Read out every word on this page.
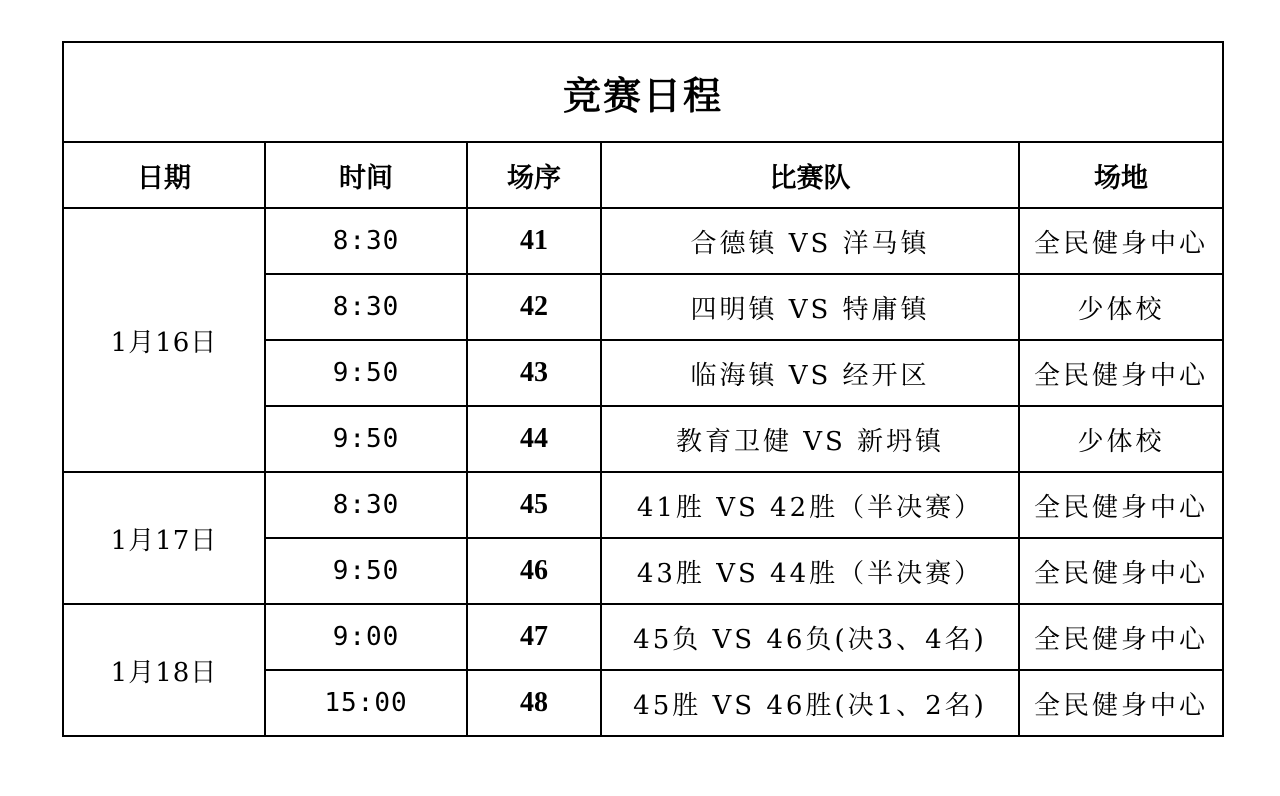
竞赛日程				
日期	时间	场序	比赛队	场地
1月16日	8:30	41	合德镇 VS 洋马镇	全民健身中心
	8:30	42	四明镇 VS 特庸镇	少体校
	9:50	43	临海镇 VS 经开区	全民健身中心
	9:50	44	教育卫健 VS 新坍镇	少体校
1月17日	8:30	45	41胜 VS 42胜（半决赛）	全民健身中心
	9:50	46	43胜 VS 44胜（半决赛）	全民健身中心
1月18日	9:00	47	45负 VS 46负(决3、4名)	全民健身中心
	15:00	48	45胜 VS 46胜(决1、2名)	全民健身中心
